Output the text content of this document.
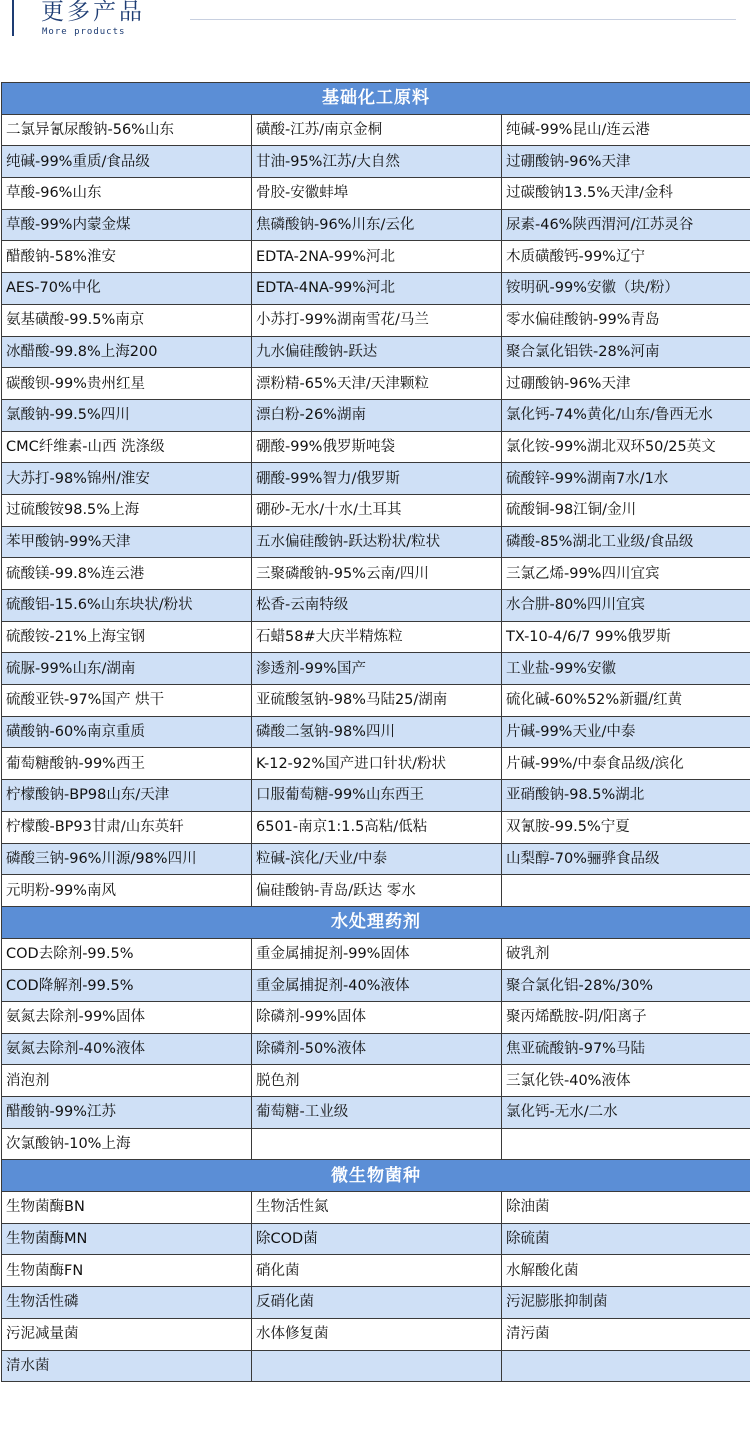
更多产品
More products
基础化工原料		
二氯异氰尿酸钠-56%山东	磺酸-江苏/南京金桐	纯碱-99%昆山/连云港
纯碱-99%重质/食品级	甘油-95%江苏/大自然	过硼酸钠-96%天津
草酸-96%山东	骨胶-安徽蚌埠	过碳酸钠13.5%天津/金科
草酸-99%内蒙金煤	焦磷酸钠-96%川东/云化	尿素-46%陕西渭河/江苏灵谷
醋酸钠-58%淮安	EDTA-2NA-99%河北	木质磺酸钙-99%辽宁
AES-70%中化	EDTA-4NA-99%河北	铵明矾-99%安徽（块/粉）
氨基磺酸-99.5%南京	小苏打-99%湖南雪花/马兰	零水偏硅酸钠-99%青岛
冰醋酸-99.8%上海200	九水偏硅酸钠-跃达	聚合氯化铝铁-28%河南
碳酸钡-99%贵州红星	漂粉精-65%天津/天津颗粒	过硼酸钠-96%天津
氯酸钠-99.5%四川	漂白粉-26%湖南	氯化钙-74%黄化/山东/鲁西无水
CMC纤维素-山西 洗涤级	硼酸-99%俄罗斯吨袋	氯化铵-99%湖北双环50/25英文
大苏打-98%锦州/淮安	硼酸-99%智力/俄罗斯	硫酸锌-99%湖南7水/1水
过硫酸铵98.5%上海	硼砂-无水/十水/土耳其	硫酸铜-98江铜/金川
苯甲酸钠-99%天津	五水偏硅酸钠-跃达粉状/粒状	磷酸-85%湖北工业级/食品级
硫酸镁-99.8%连云港	三聚磷酸钠-95%云南/四川	三氯乙烯-99%四川宜宾
硫酸铝-15.6%山东块状/粉状	松香-云南特级	水合肼-80%四川宜宾
硫酸铵-21%上海宝钢	石蜡58#大庆半精炼粒	TX-10-4/6/7 99%俄罗斯
硫脲-99%山东/湖南	渗透剂-99%国产	工业盐-99%安徽
硫酸亚铁-97%国产 烘干	亚硫酸氢钠-98%马陆25/湖南	硫化碱-60%52%新疆/红黄
磺酸钠-60%南京重质	磷酸二氢钠-98%四川	片碱-99%天业/中泰
葡萄糖酸钠-99%西王	K-12-92%国产进口针状/粉状	片碱-99%/中泰食品级/滨化
柠檬酸钠-BP98山东/天津	口服葡萄糖-99%山东西王	亚硝酸钠-98.5%湖北
柠檬酸-BP93甘肃/山东英轩	6501-南京1:1.5高粘/低粘	双氰胺-99.5%宁夏
磷酸三钠-96%川源/98%四川	粒碱-滨化/天业/中泰	山梨醇-70%骊骅食品级
元明粉-99%南风	偏硅酸钠-青岛/跃达 零水	
水处理药剂		
COD去除剂-99.5%	重金属捕捉剂-99%固体	破乳剂
COD降解剂-99.5%	重金属捕捉剂-40%液体	聚合氯化铝-28%/30%
氨氮去除剂-99%固体	除磷剂-99%固体	聚丙烯酰胺-阴/阳离子
氨氮去除剂-40%液体	除磷剂-50%液体	焦亚硫酸钠-97%马陆
消泡剂	脱色剂	三氯化铁-40%液体
醋酸钠-99%江苏	葡萄糖-工业级	氯化钙-无水/二水
次氯酸钠-10%上海		
微生物菌种		
生物菌酶BN	生物活性氮	除油菌
生物菌酶MN	除COD菌	除硫菌
生物菌酶FN	硝化菌	水解酸化菌
生物活性磷	反硝化菌	污泥膨胀抑制菌
污泥减量菌	水体修复菌	清污菌
清水菌		
